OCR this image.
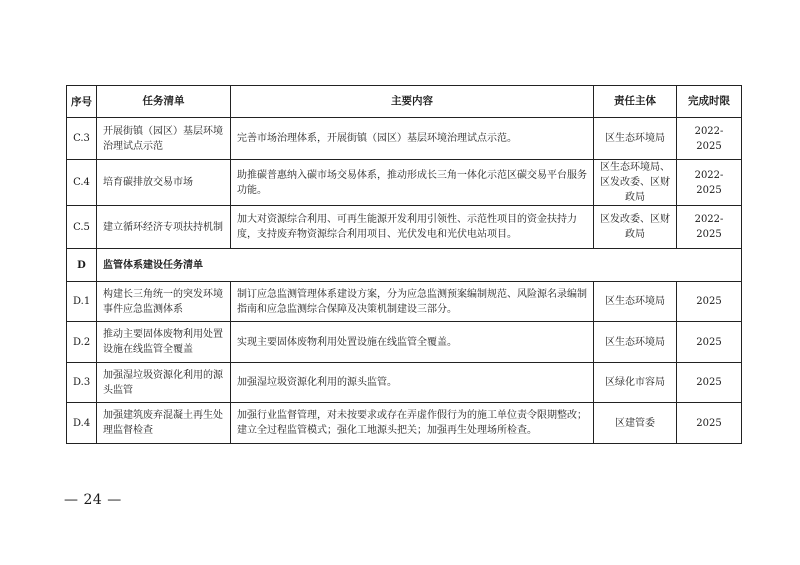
序号	任务清单	主要内容	责任主体	完成时限
C.3	开展街镇（园区）基层环境治理试点示范	完善市场治理体系，开展街镇（园区）基层环境治理试点示范。	区生态环境局	2022-2025
C.4	培育碳排放交易市场	助推碳普惠纳入碳市场交易体系，推动形成长三角一体化示范区碳交易平台服务功能。	区生态环境局、区发改委、区财政局	2022-2025
C.5	建立循环经济专项扶持机制	加大对资源综合利用、可再生能源开发利用引领性、示范性项目的资金扶持力度，支持废弃物资源综合利用项目、光伏发电和光伏电站项目。	区发改委、区财政局	2022-2025
D	监管体系建设任务清单			
D.1	构建长三角统一的突发环境事件应急监测体系	制订应急监测管理体系建设方案，分为应急监测预案编制规范、风险源名录编制指南和应急监测综合保障及决策机制建设三部分。	区生态环境局	2025
D.2	推动主要固体废物利用处置设施在线监管全覆盖	实现主要固体废物利用处置设施在线监管全覆盖。	区生态环境局	2025
D.3	加强湿垃圾资源化利用的源头监管	加强湿垃圾资源化利用的源头监管。	区绿化市容局	2025
D.4	加强建筑废弃混凝土再生处理监督检查	加强行业监督管理，对未按要求或存在弄虚作假行为的施工单位责令限期整改；建立全过程监管模式；强化工地源头把关；加强再生处理场所检查。	区建管委	2025
— 24 —
